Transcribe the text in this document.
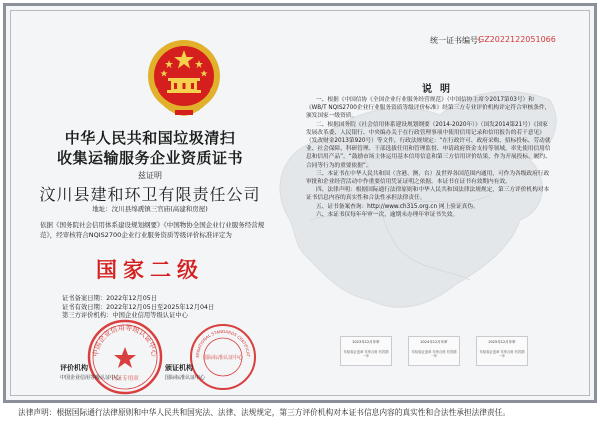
统一证书编号：
GZ2022122051066
中华人民共和国垃圾清扫
收集运输服务企业资质证书
兹证明
汶川县建和环卫有限责任公司
地址：汶川县绵虒镇三官庙(高建和房屋)
依据《国务院社会信用体系建设规划纲要》《中国物协全国企业行业服务经营规范》，经审核符合NQIS2700企业行业服务资质等级评价标准评定为
国家二级
证书备案日期：2022年12月05日
证书有效日期：2022年12月05日至2025年12月04日
第三方评价机构：中国企业信用等级认证中心
中国企业信用等级认证中心
认证专用章
ERNATIONAL STANDARDS CERTIFICAT
国际标准认证中心
评价机构
中国企业信用等级认证中心
颁证机构
国际标准认证中心
说明

一、根据《中国信协《全国企业行业服务经营规范》（中国信协主席令2017第03号）和《WB/T NQIS2700企业行业服务资质等级评价标准》经第三方专业评价机构评定符合审核条件，颁发国家一级资质。

二、根据国务院《社会信用体系建设规划纲要（2014-2020年）》（国发2014第21号）《国家发展改革委、人民银行、中央编办关于在行政管理事项中使用信用记录和信用报告的若干意见》（发改财金2013第920号）等文件，行政法规规定：“在行政许可、政府采购、招标投标、劳动就业、社会保障、科研管理、干部选拔任用和管理监督、申请政府资金支持等领域，率先使用信用信息和信用产品”。“鼓励市场主体运用基本信用信息和第三方信用评价结果，作为开展投标、履约、合同等行为的重要依据”。

三、本证书在中华人民共和国（含港、澳、台）及世界各国范围内通用，可作为各级政府行政审批和企业经营活动中作重要信用凭证证明之依据。本证书在证书有效期内有效。

四、法律声明：根据国际通行法律原则和中华人民共和国法律法规规定，第三方评价机构对本证书信息内容的真实性和合法性承担法律责任。

五、证书备案查询：http://www.ch315.org.cn 网上验证真伪。

六、本证书仅每年年审一次，逾期未办理年审证书失效。

2023年12月年审
年检验证盖章 年审合格 有效期一年
2024年12月年审
年检验证盖章 年审合格 有效期一年
2025年12月年审
年检验证盖章 年审合格 有效期一年
法律声明：根据国际通行法律原则和中华人民共和国宪法、法律、法规规定，第三方评价机构对本证书信息内容的真实性和合法性承担法律责任。
